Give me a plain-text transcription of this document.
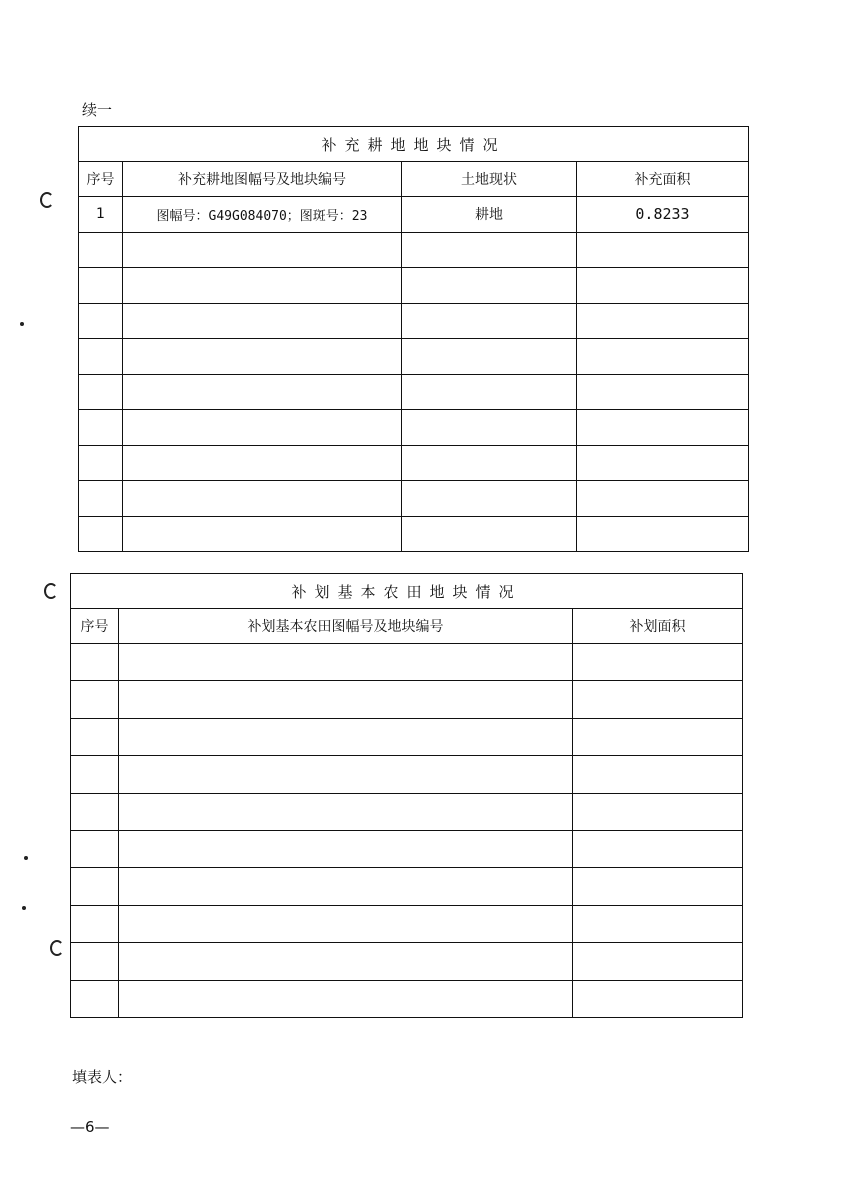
续一
补充耕地地块情况			
序号	补充耕地图幅号及地块编号	土地现状	补充面积
1	图幅号：G49G084070；图斑号：23	耕地	0.8233

补划基本农田地块情况		
序号	补划基本农田图幅号及地块编号	补划面积

填表人：
—6—
